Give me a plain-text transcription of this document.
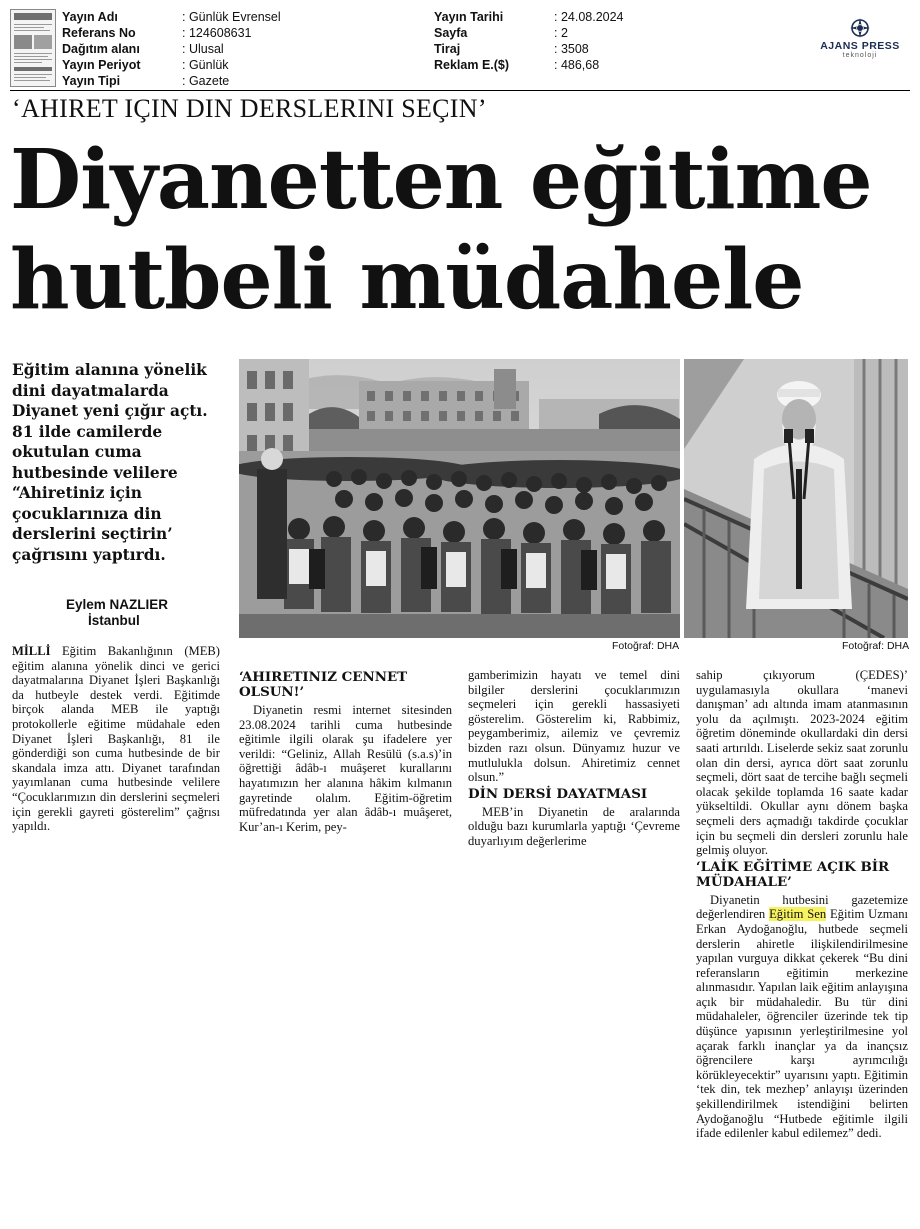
Yayın Adı	: Günlük Evrensel
Referans No	: 124608631
Dağıtım alanı	: Ulusal
Yayın Periyot	: Günlük
Yayın Tipi	: Gazete
Yayın Tarihi	: 24.08.2024
Sayfa	: 2
Tiraj	: 3508
Reklam E.($)	: 486,68
AJANS PRESS
teknoloji
‘AHIRET IÇIN DIN DERSLERINI SEÇIN’
Diyanetten eğitime
hutbeli müdahele
Eğitim alanına yönelik dini dayatmalarda Diyanet yeni çığır açtı. 81 ilde camilerde okutulan cuma hutbesinde velilere “Ahiretiniz için çocuklarınıza din derslerini seçtirin’ çağrısını yaptırdı.
Eylem NAZLIER
İstanbul
Fotoğraf: DHA	Fotoğraf: DHA

MİLLİ Eğitim Bakanlığının (MEB) eğitim alanına yönelik dinci ve gerici dayatmalarına Diyanet İşleri Başkanlığı da hutbeyle destek verdi. Eğitimde birçok alanda MEB ile yaptığı protokollerle eğitime müdahale eden Diyanet İşleri Başkanlığı, 81 ile gönderdiği son cuma hutbesinde de bir skandala imza attı. Diyanet tarafından yayımlanan cuma hutbesinde velilere “Çocuklarımızın din derslerini seçmeleri için gerekli gayreti gösterelim” çağrısı yapıldı.

‘AHIRETINIZ CENNET OLSUN!’

Diyanetin resmi internet sitesinden 23.08.2024 tarihli cuma hutbesinde eğitimle ilgili olarak şu ifadelere yer verildi: “Geliniz, Allah Resülü (s.a.s)’in öğrettiği âdâb-ı muâşeret kurallarını hayatımızın her alanına hâkim kılmanın gayretinde olalım. Eğitim-öğretim müfredatında yer alan âdâb-ı muâşeret, Kur’an-ı Kerim, pey-

gamberimizin hayatı ve temel dini bilgiler derslerini çocuklarımızın seçmeleri için gerekli hassasiyeti gösterelim. Gösterelim ki, Rabbimiz, peygamberimiz, ailemiz ve çevremiz bizden razı olsun. Dünyamız huzur ve mutlulukla dolsun. Ahiretimiz cennet olsun.”

DİN DERSİ DAYATMASI

MEB’in Diyanetin de aralarında olduğu bazı kurumlarla yaptığı ‘Çevreme duyarlıyım değerlerime

sahip çıkıyorum (ÇEDES)’ uygulamasıyla okullara ‘manevi danışman’ adı altında imam atanmasının yolu da açılmıştı. 2023-2024 eğitim öğretim döneminde okullardaki din dersi saati artırıldı. Liselerde sekiz saat zorunlu olan din dersi, ayrıca dört saat zorunlu seçmeli, dört saat de tercihe bağlı seçmeli olacak şekilde toplamda 16 saate kadar yükseltildi. Okullar aynı dönem başka seçmeli ders açmadığı takdirde çocuklar için bu seçmeli din dersleri zorunlu hale gelmiş oluyor.

‘LAİK EĞİTİME AÇIK BİR MÜDAHALE’

Diyanetin hutbesini gazetemize değerlendiren Eğitim Sen Eğitim Uzmanı Erkan Aydoğanoğlu, hutbede seçmeli derslerin ahiretle ilişkilendirilmesine yapılan vurguya dikkat çekerek “Bu dini referansların eğitimin merkezine alınmasıdır. Yapılan laik eğitim anlayışına açık bir müdahaledir. Bu tür dini müdahaleler, öğrenciler üzerinde tek tip düşünce yapısının yerleştirilmesine yol açarak farklı inançlar ya da inançsız öğrencilere karşı ayrımcılığı körükleyecektir” uyarısını yaptı. Eğitimin ‘tek din, tek mezhep’ anlayışı üzerinden şekillendirilmek istendiğini belirten Aydoğanoğlu “Hutbede eğitimle ilgili ifade edilenler kabul edilemez” dedi.
